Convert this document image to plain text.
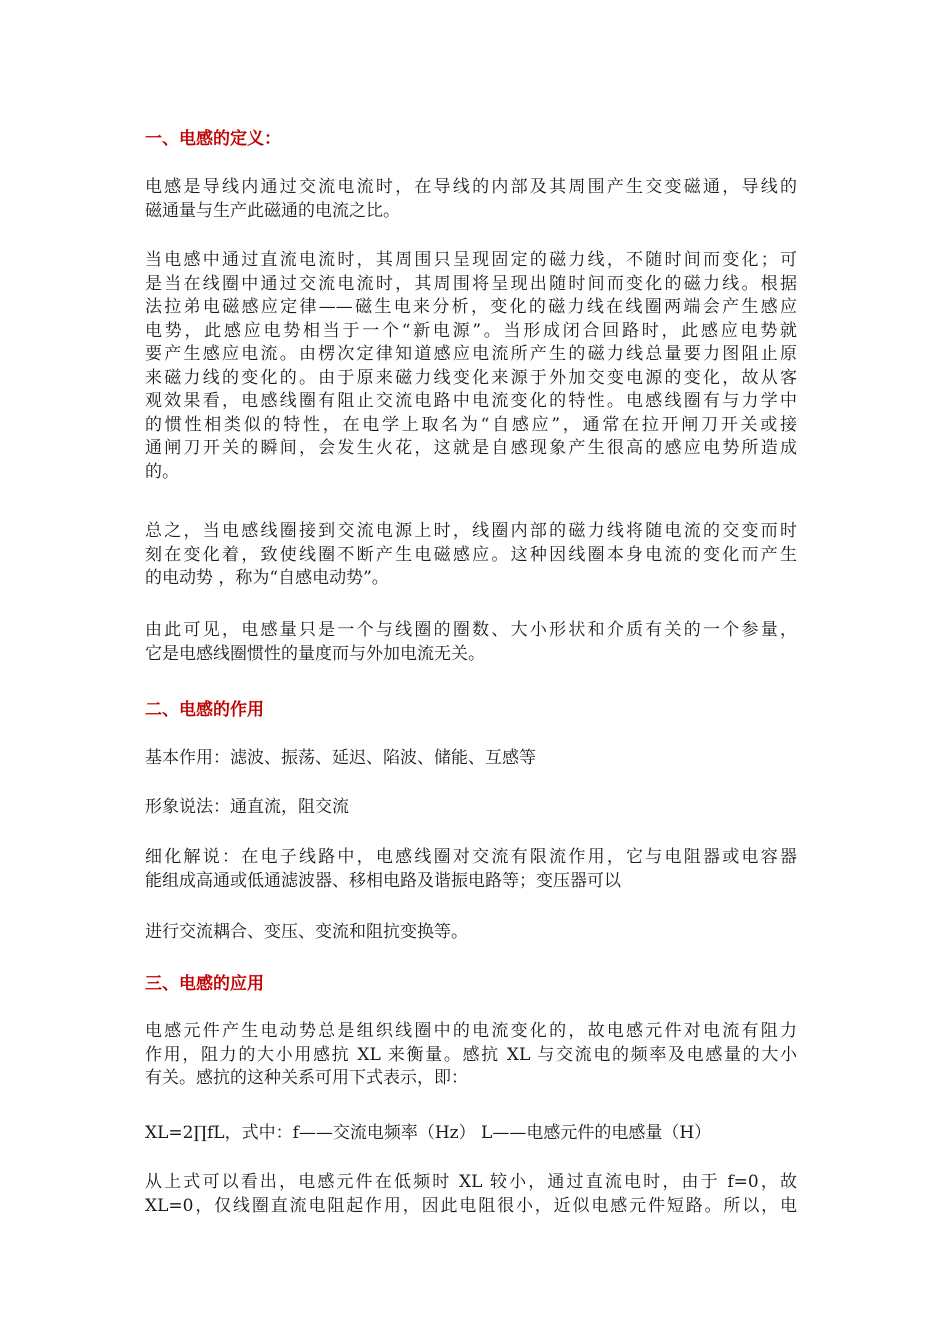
一、电感的定义：
电感是导线内通过交流电流时，在导线的内部及其周围产生交变磁通，导线的
磁通量与生产此磁通的电流之比。
当电感中通过直流电流时，其周围只呈现固定的磁力线，不随时间而变化；可
是当在线圈中通过交流电流时，其周围将呈现出随时间而变化的磁力线。根据
法拉弟电磁感应定律——磁生电来分析，变化的磁力线在线圈两端会产生感应
电势，此感应电势相当于一个“新电源”。当形成闭合回路时，此感应电势就
要产生感应电流。由楞次定律知道感应电流所产生的磁力线总量要力图阻止原
来磁力线的变化的。由于原来磁力线变化来源于外加交变电源的变化，故从客
观效果看，电感线圈有阻止交流电路中电流变化的特性。电感线圈有与力学中
的惯性相类似的特性，在电学上取名为“自感应”，通常在拉开闸刀开关或接
通闸刀开关的瞬间，会发生火花，这就是自感现象产生很高的感应电势所造成
的。
总之，当电感线圈接到交流电源上时，线圈内部的磁力线将随电流的交变而时
刻在变化着，致使线圈不断产生电磁感应。这种因线圈本身电流的变化而产生
的电动势 ，称为“自感电动势”。
由此可见，电感量只是一个与线圈的圈数、大小形状和介质有关的一个参量，
它是电感线圈惯性的量度而与外加电流无关。
二、电感的作用
基本作用：滤波、振荡、延迟、陷波、储能、互感等
形象说法：通直流，阻交流
细化解说：在电子线路中，电感线圈对交流有限流作用，它与电阻器或电容器
能组成高通或低通滤波器、移相电路及谐振电路等；变压器可以
进行交流耦合、变压、变流和阻抗变换等。
三、电感的应用
电感元件产生电动势总是组织线圈中的电流变化的，故电感元件对电流有阻力
作用，阻力的大小用感抗 XL 来衡量。感抗 XL 与交流电的频率及电感量的大小
有关。感抗的这种关系可用下式表示，即：
XL=2∏fL，式中：f——交流电频率（Hz） L——电感元件的电感量（H）
从上式可以看出，电感元件在低频时 XL 较小，通过直流电时，由于 f=0，故
XL=0，仅线圈直流电阻起作用，因此电阻很小，近似电感元件短路。所以，电
